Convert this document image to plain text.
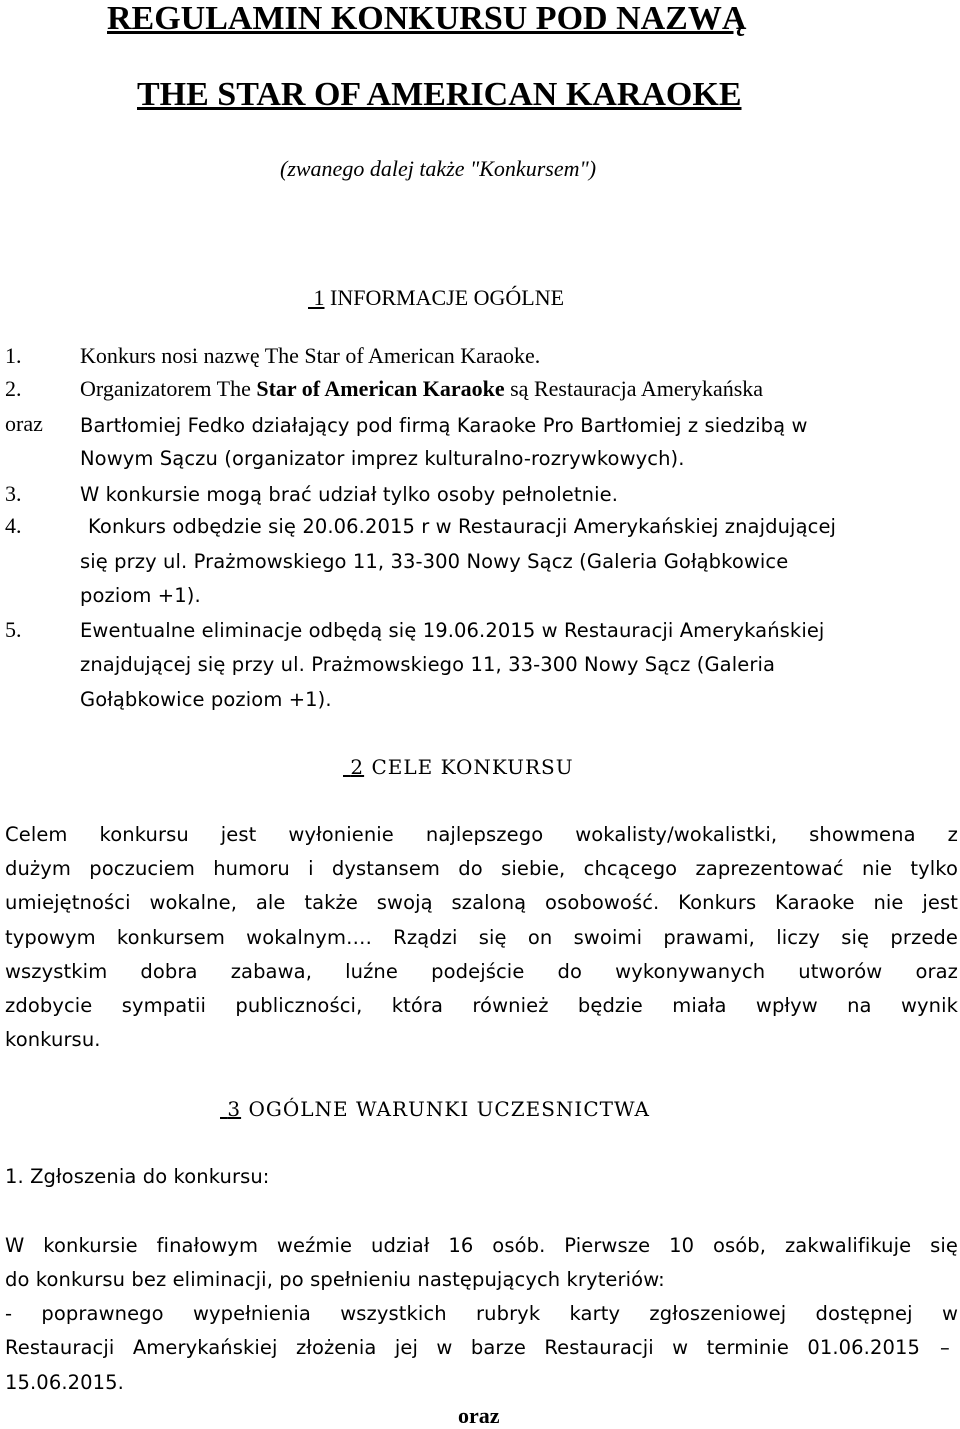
REGULAMIN KONKURSU POD NAZWĄ
THE STAR OF AMERICAN KARAOKE
(zwanego dalej także "Konkursem")
1 INFORMACJE OGÓLNE
1.	Konkurs nosi nazwę The Star of American Karaoke.
2.	Organizatorem The Star of American Karaoke są Restauracja Amerykańska
oraz Bartłomiej Fedko działający pod firmą Karaoke Pro Bartłomiej z siedzibą w
Nowym Sączu (organizator imprez kulturalno-rozrywkowych).
3.	W konkursie mogą brać udział tylko osoby pełnoletnie.
4.	Konkurs odbędzie się 20.06.2015 r w Restauracji Amerykańskiej znajdującej
się przy ul. Prażmowskiego 11, 33-300 Nowy Sącz (Galeria Gołąbkowice
poziom +1).
5.	Ewentualne eliminacje odbędą się 19.06.2015 w Restauracji Amerykańskiej
znajdującej się przy ul. Prażmowskiego 11, 33-300 Nowy Sącz (Galeria
Gołąbkowice poziom +1).
2 CELE KONKURSU
Celem konkursu jest wyłonienie najlepszego wokalisty/wokalistki, showmena z
dużym poczuciem humoru i dystansem do siebie, chcącego zaprezentować nie tylko
umiejętności wokalne, ale także swoją szaloną osobowość. Konkurs Karaoke nie jest
typowym konkursem wokalnym…. Rządzi się on swoimi prawami, liczy się przede
wszystkim dobra zabawa, luźne podejście do wykonywanych utworów oraz
zdobycie sympatii publiczności, która również będzie miała wpływ na wynik
konkursu.
3 OGÓLNE WARUNKI UCZESNICTWA
1. Zgłoszenia do konkursu:
W konkursie finałowym weźmie udział 16 osób. Pierwsze 10 osób, zakwalifikuje się
do konkursu bez eliminacji, po spełnieniu następujących kryteriów:
- poprawnego wypełnienia wszystkich rubryk karty zgłoszeniowej dostępnej w
Restauracji Amerykańskiej złożenia jej w barze Restauracji w terminie 01.06.2015 –
15.06.2015.
oraz
